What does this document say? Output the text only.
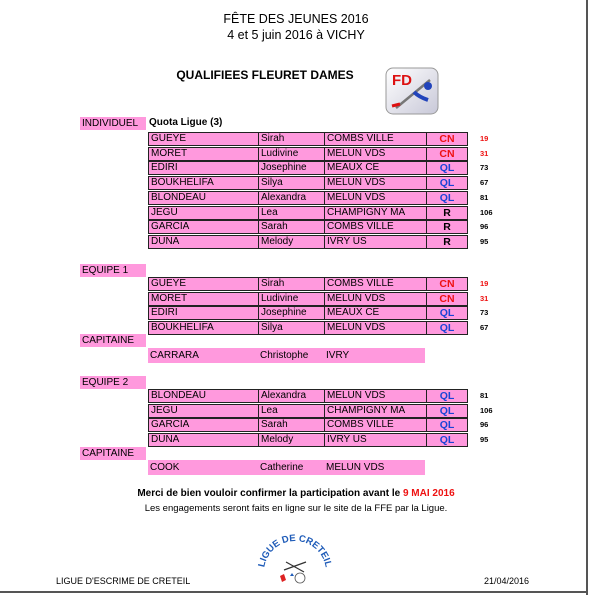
FÊTE DES JEUNES 2016
4 et 5 juin 2016 à VICHY
QUALIFIEES FLEURET DAMES	FD
INDIVIDUEL	Quota Ligue (3)
GUEYE	Sirah	COMBS VILLE	CN	19
MORET	Ludivine	MELUN VDS	CN	31
EDIRI	Josephine	MEAUX CE	QL	73
BOUKHELIFA	Silya	MELUN VDS	QL	67
BLONDEAU	Alexandra	MELUN VDS	QL	81
JEGU	Lea	CHAMPIGNY MA	R	106
GARCIA	Sarah	COMBS VILLE	R	96
DUNA	Melody	IVRY US	R	95
EQUIPE 1
GUEYE	Sirah	COMBS VILLE	CN	19
MORET	Ludivine	MELUN VDS	CN	31
EDIRI	Josephine	MEAUX CE	QL	73
BOUKHELIFA	Silya	MELUN VDS	QL	67
CAPITAINE
CARRARA	Christophe IVRY
EQUIPE 2
BLONDEAU	Alexandra	MELUN VDS	QL	81
JEGU	Lea	CHAMPIGNY MA	QL	106
GARCIA	Sarah	COMBS VILLE	QL	96
DUNA	Melody	IVRY US	QL	95
CAPITAINE
COOK	Catherine MELUN VDS
Merci de bien vouloir confirmer la participation avant le 9 MAI 2016
Les engagements seront faits en ligne sur le site de la FFE par la Ligue.
LIGUE DE CRETEIL
LIGUE D'ESCRIME DE CRETEIL	21/04/2016
